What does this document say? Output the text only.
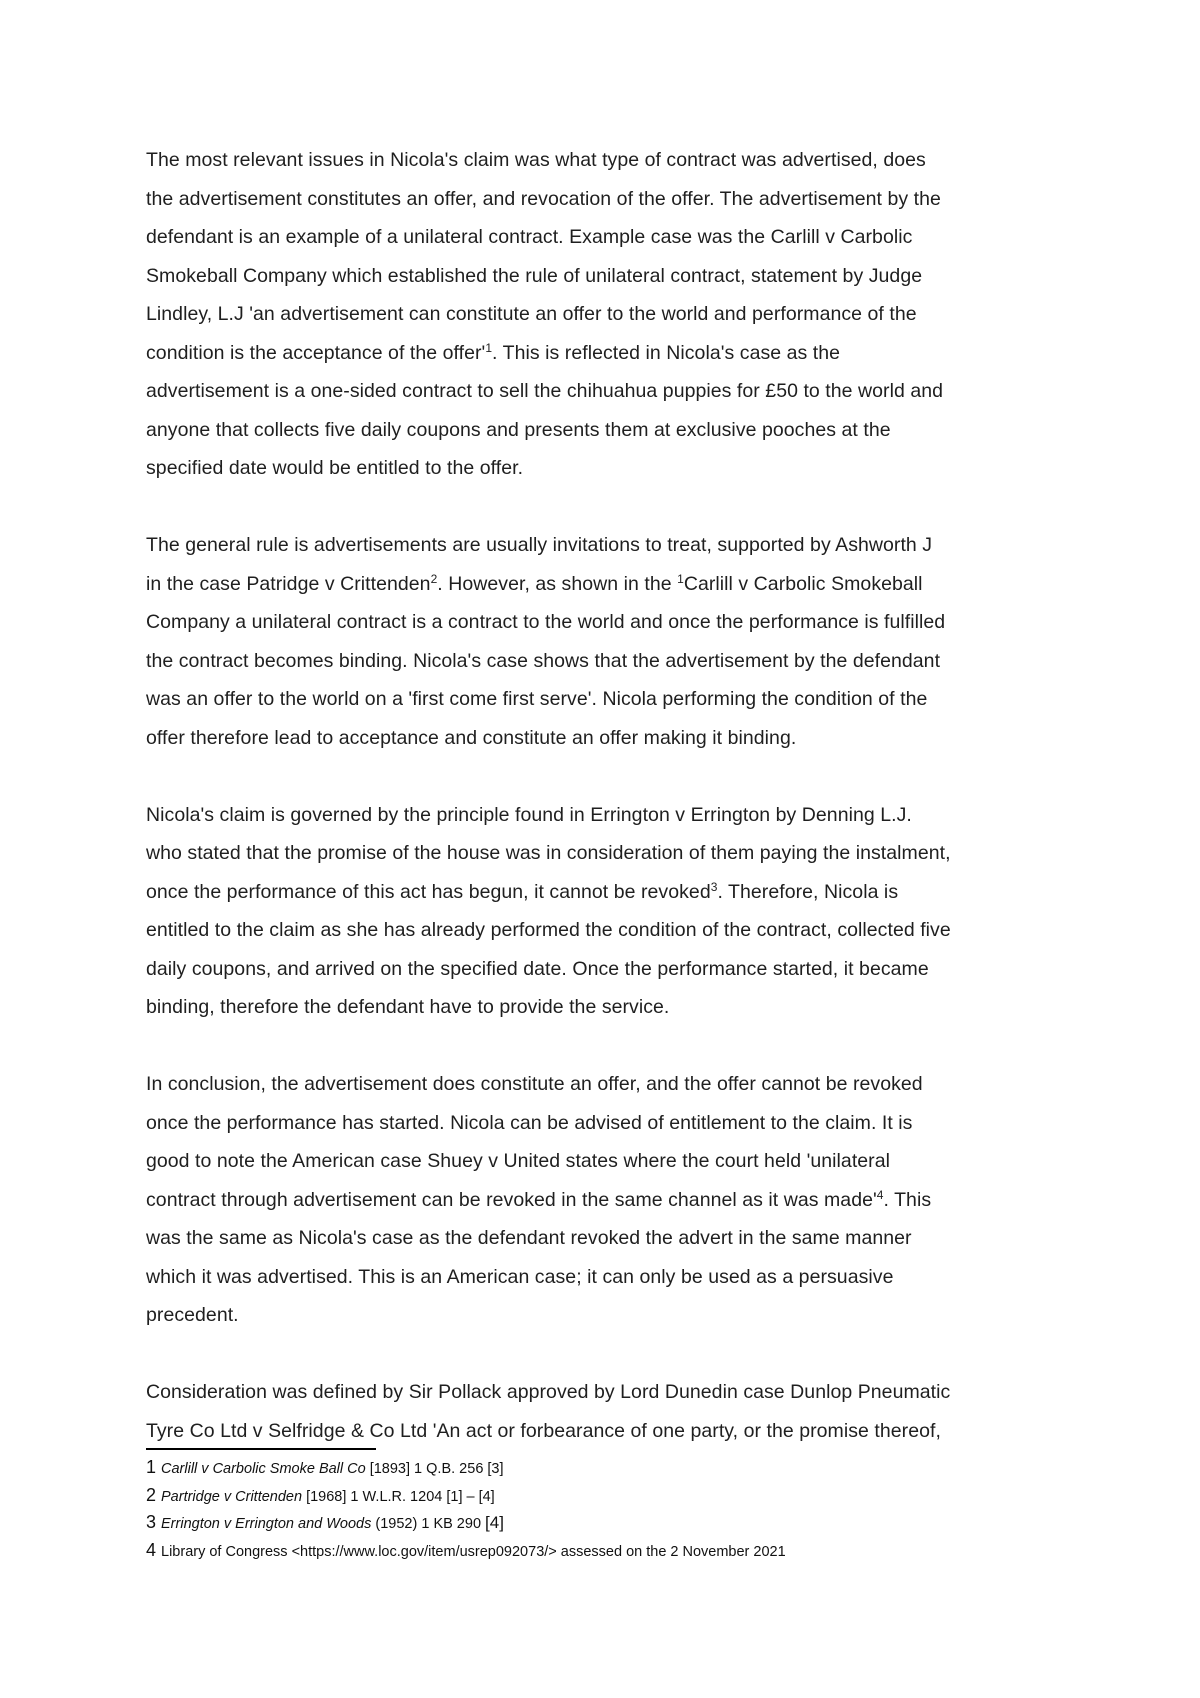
The most relevant issues in Nicola's claim was what type of contract was advertised, does
the advertisement constitutes an offer, and revocation of the offer. The advertisement by the
defendant is an example of a unilateral contract. Example case was the Carlill v Carbolic
Smokeball Company which established the rule of unilateral contract, statement by Judge
Lindley, L.J 'an advertisement can constitute an offer to the world and performance of the
condition is the acceptance of the $offer'^1$. This is reflected in Nicola's case as the
advertisement is a one-sided contract to sell the chihuahua puppies for £50 to the world and
anyone that collects five daily coupons and presents them at exclusive pooches at the
specified date would be entitled to the offer.

The general rule is advertisements are usually invitations to treat, supported by Ashworth J
in the case Patridge v Crittenden$^2$. However, as shown in the $^1$Carlill v Carbolic Smokeball
Company a unilateral contract is a contract to the world and once the performance is fulfilled
the contract becomes binding. Nicola's case shows that the advertisement by the defendant
was an offer to the world on a 'first come first serve'. Nicola performing the condition of the
offer therefore lead to acceptance and constitute an offer making it binding.

Nicola's claim is governed by the principle found in Errington v Errington by Denning L.J.
who stated that the promise of the house was in consideration of them paying the instalment,
once the performance of this act has begun, it cannot be revoked$^3$. Therefore, Nicola is
entitled to the claim as she has already performed the condition of the contract, collected five
daily coupons, and arrived on the specified date. Once the performance started, it became
binding, therefore the defendant have to provide the service.

In conclusion, the advertisement does constitute an offer, and the offer cannot be revoked
once the performance has started. Nicola can be advised of entitlement to the claim. It is
good to note the American case Shuey v United states where the court held 'unilateral
contract through advertisement can be revoked in the same channel as it was $made'^4$. This
was the same as Nicola's case as the defendant revoked the advert in the same manner
which it was advertised. This is an American case; it can only be used as a persuasive
precedent.

Consideration was defined by Sir Pollack approved by Lord Dunedin case Dunlop Pneumatic
Tyre Co Ltd v Selfridge & Co Ltd 'An act or forbearance of one party, or the promise thereof,

1 Carlill v Carbolic Smoke Ball Co [1893] 1 Q.B. 256 [3]
2 Partridge v Crittenden [1968] 1 W.L.R. 1204 [1] – [4]
3 Errington v Errington and Woods (1952) 1 KB 290 [4]
4 Library of Congress <https://www.loc.gov/item/usrep092073/> assessed on the 2 November 2021
